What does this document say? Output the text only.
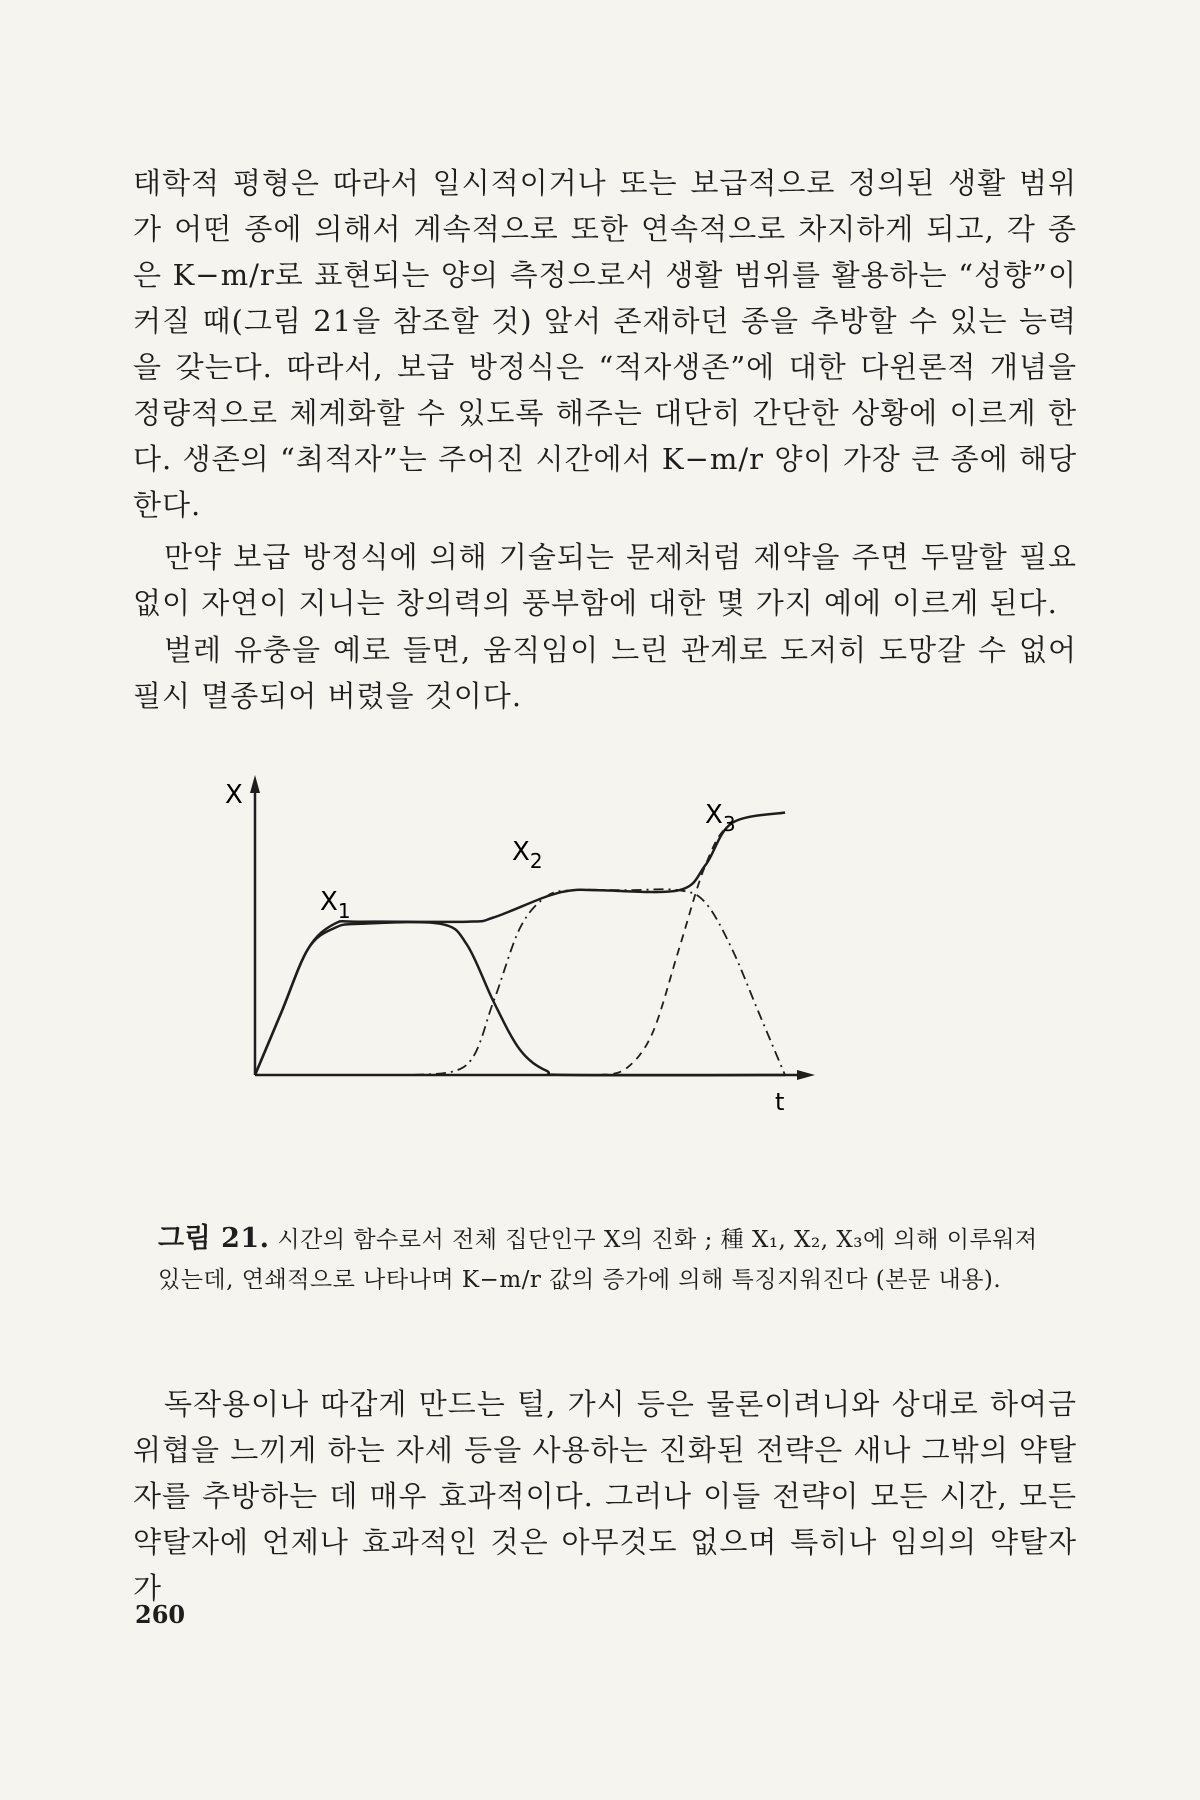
태학적 평형은 따라서 일시적이거나 또는 보급적으로 정의된 생활 범위가 어떤 종에 의해서 계속적으로 또한 연속적으로 차지하게 되고, 각 종은 K−m/r로 표현되는 양의 측정으로서 생활 범위를 활용하는 “성향”이 커질 때(그림 21을 참조할 것) 앞서 존재하던 종을 추방할 수 있는 능력을 갖는다. 따라서, 보급 방정식은 “적자생존”에 대한 다윈론적 개념을 정량적으로 체계화할 수 있도록 해주는 대단히 간단한 상황에 이르게 한다. 생존의 “최적자”는 주어진 시간에서 K−m/r 양이 가장 큰 종에 해당한다.

만약 보급 방정식에 의해 기술되는 문제처럼 제약을 주면 두말할 필요 없이 자연이 지니는 창의력의 풍부함에 대한 몇 가지 예에 이르게 된다.

벌레 유충을 예로 들면, 움직임이 느린 관계로 도저히 도망갈 수 없어 필시 멸종되어 버렸을 것이다.

X
t
$X_1$
$X_2$
$X_3$

그림 21. 시간의 함수로서 전체 집단인구 X의 진화 ; 種 X₁, X₂, X₃에 의해 이루워져 있는데, 연쇄적으로 나타나며 K−m/r 값의 증가에 의해 특징지워진다 (본문 내용).

독작용이나 따갑게 만드는 털, 가시 등은 물론이려니와 상대로 하여금 위협을 느끼게 하는 자세 등을 사용하는 진화된 전략은 새나 그밖의 약탈자를 추방하는 데 매우 효과적이다. 그러나 이들 전략이 모든 시간, 모든 약탈자에 언제나 효과적인 것은 아무것도 없으며 특히나 임의의 약탈자가

260
